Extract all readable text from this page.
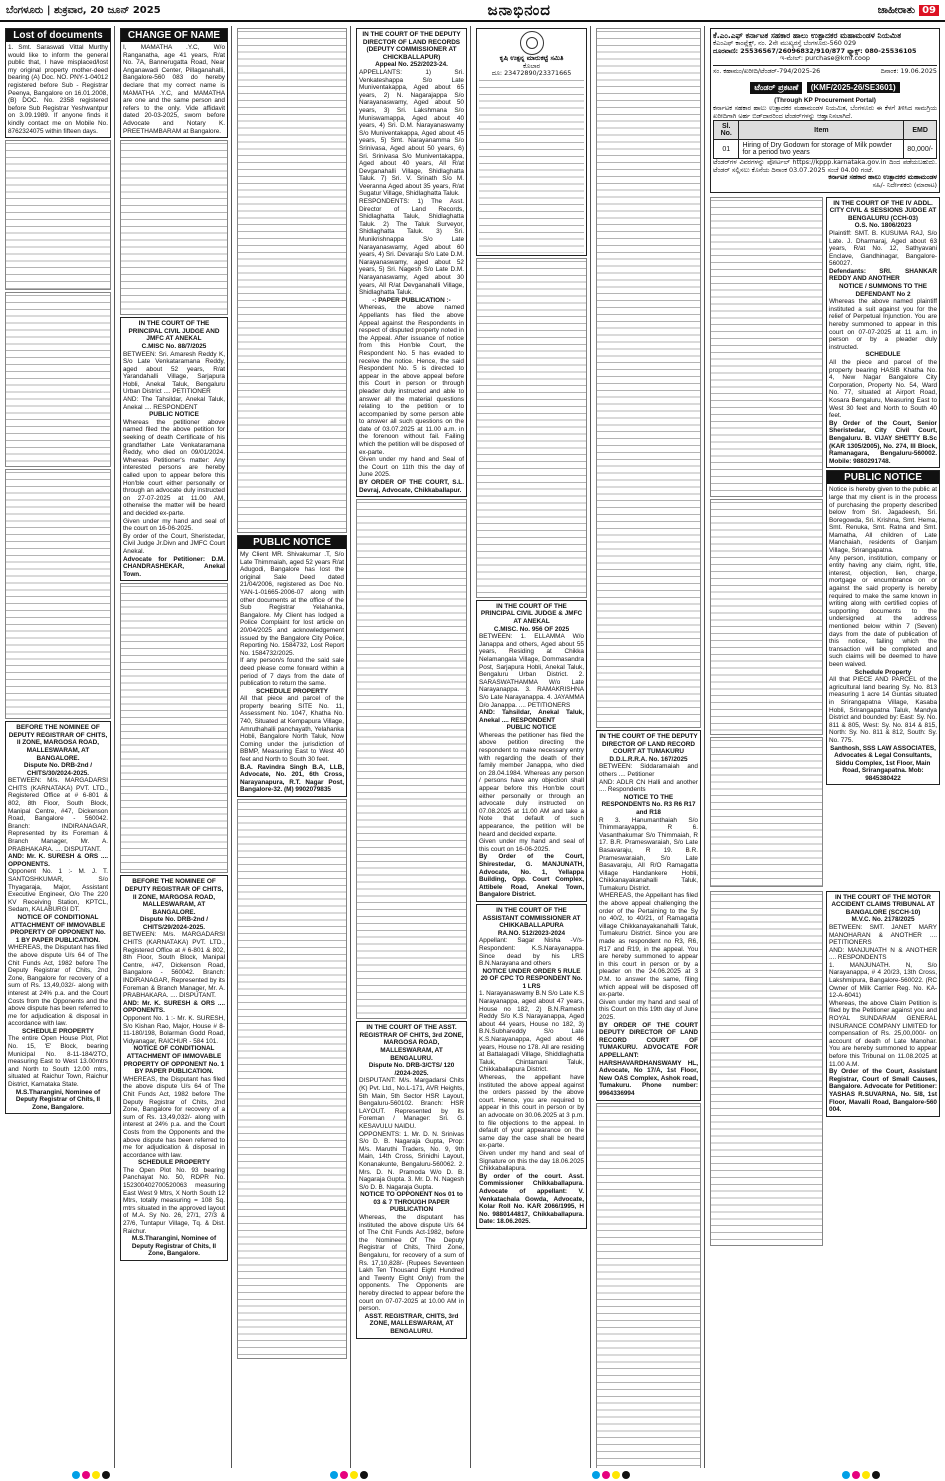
ಬೆಂಗಳೂರು | ಶುಕ್ರವಾರ, 20 ಜೂನ್ 2025	ಜನಾಭಿನಂದ	ಜಾಹೀರಾತು 09
Lost of documents
1. Smt. Saraswati Vittal Murthy would like to inform the general public that, I have misplaced/lost my original property mother-deed bearing (A) Doc. NO. PNY-1-04012 registered before Sub - Registrar Peenya, Bangalore on 16.01.2008, (B) DOC. No. 2358 registered before Sub Registrar Yeshwantpur on 3.09.1989. If anyone finds it kindly contact me on Mobile No. 8762324075 within fifteen days.
BEFORE THE NOMINEE OF DEPUTY REGISTRAR OF CHITS, II ZONE, MARGOSA ROAD, MALLESWARAM, AT BANGALORE.
Dispute No. DRB-2nd / CHITS/30/2024-2025.
BETWEEN: M/s. MARGADARSI CHITS (KARNATAKA) PVT. LTD., Registered Office at # 6-801 & 802, 8th Floor, South Block, Manipal Centre, #47, Dickenson Road, Bangalore - 560042. Branch: INDIRANAGAR, Represented by its Foreman & Branch Manager, Mr. A. PRABHAKARA. .... DISPUTANT.
AND: Mr. K. SURESH & ORS .... OPPONENTS.
Opponent No. 1 :- M. J. T. SANTOSHKUMAR, S/o Thyagaraja, Major, Assistant Executive Engineer, O/o The 220 KV Receiving Station, KPTCL, Sedam, KALABURGI DT.
NOTICE OF CONDITIONAL ATTACHMENT OF IMMOVABLE PROPERTY OF OPPONENT No. 1 BY PAPER PUBLICATION.
WHEREAS, the Disputant has filed the above dispute U/s 64 of The Chit Funds Act, 1982 before The Deputy Registrar of Chits, 2nd Zone, Bangalore for recovery of a sum of Rs. 13,49,032/- along with interest at 24% p.a. and the Court Costs from the Opponents and the above dispute has been referred to me for adjudication & disposal in accordance with law.
SCHEDULE PROPERTY
The entire Open House Plot, Plot No. 15, 'E' Block, bearing Municipal No. 8-11-184/2TO, measuring East to West 13.00mtrs and North to South 12.00 mtrs, situated at Raichur Town, Raichur District, Karnataka State.
M.S.Tharangini, Nominee of Deputy Registrar of Chits, II Zone, Bangalore.
CHANGE OF NAME
I, MAMATHA .Y.C, W/o Ranganatha, age 41 years, R/at No. 7A, Bannerugatta Road, Near Anganawadi Center, Pillaganahalli, Bangalore-560 083 do hereby declare that my correct name is MAMATHA .Y.C, and MAMATHA are one and the same person and refers to the only. Vide affidavit dated 20-03-2025, sworn before Advocate and Notary K. PREETHAMBARAM at Bangalore.
IN THE COURT OF THE PRINCIPAL CIVIL JUDGE AND JMFC AT ANEKAL
C.MISC No. 88/7/2025
BETWEEN: Sri. Amaresh Reddy K, S/o Late Venkataramana Reddy, aged about 52 years, R/at Yarandahalli Village, Sarjapura Hobli, Anekal Taluk, Bengaluru Urban District .... PETITIONER
AND: The Tahsildar, Anekal Taluk, Anekal .... RESPONDENT
PUBLIC NOTICE
Whereas the petitioner above named filed the above petition for seeking of death Certificate of his grandfather Late Venkataramana Reddy, who died on 09/01/2024. Whereas Petitioner's matter: Any interested persons are hereby called upon to appear before this Hon'ble court either personally or through an advocate duly instructed on 27-07-2025 at 11.00 AM, otherwise the matter will be heard and decided ex-parte.
Given under my hand and seal of the court on 16-06-2025.
By order of the Court, Sheristedar, Civil Judge Jr.Divn and JMFC Court Anekal.
Advocate for Petitioner: D.M. CHANDRASHEKAR, Anekal Town.
BEFORE THE NOMINEE OF DEPUTY REGISTRAR OF CHITS, II ZONE, MARGOSA ROAD, MALLESWARAM, AT BANGALORE.
Dispute No. DRB-2nd / CHITS/29/2024-2025.
BETWEEN: M/s. MARGADARSI CHITS (KARNATAKA) PVT. LTD., Registered Office at # 6-801 & 802, 8th Floor, South Block, Manipal Centre, #47, Dickenson Road, Bangalore - 560042. Branch: INDIRANAGAR, Represented by its Foreman & Branch Manager, Mr. A. PRABHAKARA. .... DISPUTANT.
AND: Mr. K. SURESH & ORS .... OPPONENTS.
Opponent No. 1 :- Mr. K. SURESH, S/o Kishan Rao, Major, House # 8-11-180/198, Bolarman Godd Road, Vidyanagar, RAICHUR - 584 101.
NOTICE OF CONDITIONAL ATTACHMENT OF IMMOVABLE PROPERTY OF OPPONENT No. 1 BY PAPER PUBLICATION.
WHEREAS, the Disputant has filed the above dispute U/s 64 of The Chit Funds Act, 1982 before The Deputy Registrar of Chits, 2nd Zone, Bangalore for recovery of a sum of Rs. 13,49,032/- along with interest at 24% p.a. and the Court Costs from the Opponents and the above dispute has been referred to me for adjudication & disposal in accordance with law.
SCHEDULE PROPERTY
The Open Plot No. 93 bearing Panchayat No. 50, RDPR No. 152300402700520063 measuring East West 9 Mtrs, X North South 12 Mtrs, totally measuring = 108 Sq. mtrs situated in the approved layout of M.A. Sy No. 26, 27/1, 27/3 & 27/6, Tuntapur Village, Tq. & Dist. Raichur.
M.S.Tharangini, Nominee of Deputy Registrar of Chits, II Zone, Bangalore.
PUBLIC NOTICE
My Client MR. Shivakumar .T, S/o Late Thimmaiah, aged 52 years R/at Adugodi, Bangalore has lost the original Sale Deed dated 21/04/2006, registered as Doc No. YAN-1-01665-2006-07 along with other documents at the office of the Sub Registrar Yelahanka, Bangalore. My Client has lodged a Police Complaint for lost article on 20/04/2025 and acknowledgement issued by the Bangalore City Police, Reporting No. 1584732, Lost Report No. 1584732/2025.
If any person/s found the said sale deed please come forward within a period of 7 days from the date of publication to return the same.
SCHEDULE PROPERTY
All that piece and parcel of the property bearing SITE No. 11, Assessment No. 1047, Khatha No. 740, Situated at Kempapura Village, Amruthahalli panchayath, Yelahanka Hobli, Bangalore North Taluk, Now Coming under the jurisdiction of BBMP, Measuring East to West 40 feet and North to South 30 feet.
B.A. Ravindra Singh B.A, LLB, Advocate, No. 201, 6th Cross, Narayanapura, R.T. Nagar Post, Bangalore-32. (M) 9902079835
IN THE COURT OF THE DEPUTY DIRECTOR OF LAND RECORDS (DEPUTY COMMISSIONER AT CHICKBALLAPUR)
Appeal No. 252/2023-24.
APPELLANTS: 1) Sri. Venkateshappa S/o Late Muniventakappa, Aged about 65 years, 2) N. Nagarajappa S/o Narayanaswamy, Aged about 50 years, 3) Sri. Lakshmana S/o Muniswamappa, Aged about 40 years, 4) Sri. D.M. Narayanaswamy S/o Muniventakappa, Aged about 45 years, 5) Smt. Narayanamma S/o Srinivasa, Aged about 50 years, 6) Sri. Srinivasa S/o Muniventakappa, Aged about 40 years, All R/at Devganahalli Village, Shidlaghatta Taluk. 7) Sri. V. Srinath S/o M. Veeranna Aged about 35 years, R/at Sugatur Village, Shidlaghatta Taluk.
RESPONDENTS: 1) The Asst. Director of Land Records, Shidlaghatta Taluk, Shidlaghatta Taluk. 2) The Taluk Surveyor, Shidlaghatta Taluk. 3) Sri. Munikrishnappa S/o Late Narayanaswamy, Aged about 60 years, 4) Sri. Devaraju S/o Late D.M. Narayanaswamy, aged about 52 years, 5) Sri. Nagesh S/o Late D.M. Narayanaswamy, Aged about 30 years, All R/at Devganahalli Village, Shidlaghatta Taluk.
-: PAPER PUBLICATION :-
Whereas, the above named Appellants has filed the above Appeal against the Respondents in respect of disputed property noted in the Appeal. After issuance of notice from this Hon'ble Court, the Respondent No. 5 has evaded to receive the notice. Hence, the said Respondent No. 5 is directed to appear in the above appeal before this Court in person or through pleader duly instructed and able to answer all the material questions relating to the petition or to accompanied by some person able to answer all such questions on the date of 03.07.2025 at 11.00 a.m. in the forenoon without fail. Failing which the petition will be disposed of ex-parte.
Given under my hand and Seal of the Court on 11th this the day of June 2025.
BY ORDER OF THE COURT, S.L. Devraj, Advocate, Chikkaballapur.
IN THE COURT OF THE ASST. REGISTRAR OF CHITS, 3rd ZONE, MARGOSA ROAD, MALLESWARAM, AT BENGALURU.
Dispute No. DRB-3/CTS/ 120 /2024-2025.
DISPUTANT: M/s. Margadarsi Chits (K) Pvt. Ltd., No.L-171, AVR Heights, 5th Main, 5th Sector HSR Layout, Bengaluru-560102. Branch: HSR LAYOUT. Represented by its Foreman / Manager: Sri. G. KESAVULU NAIDU.
OPPONENTS: 1. Mr. D. N. Srinivas S/o D. B. Nagaraja Gupta, Prop: M/s. Maruthi Traders, No. 9, 9th Main, 14th Cross, Srinidhi Layout, Konanakunte, Bengaluru-560062. 2. Mrs. D. N. Pramoda W/o D. B. Nagaraja Gupta. 3. Mr. D. N. Nagesh S/o D. B. Nagaraja Gupta.
NOTICE TO OPPONENT Nos 01 to 03 & 7 THROUGH PAPER PUBLICATION
Whereas, the disputant has instituted the above dispute U/s 64 of The Chit Funds Act-1982, before the Nominee Of The Deputy Registrar of Chits, Third Zone, Bengaluru, for recovery of a sum of Rs. 17,10,828/- (Rupees Seventeen Lakh Ten Thousand Eight Hundred and Twenty Eight Only) from the opponents. The Opponents are hereby directed to appear before the court on 07-07-2025 at 10.00 AM in person.
ASST. REGISTRAR, CHITS, 3rd ZONE, MALLESWARAM, AT BENGALURU.
ಕೃಷಿ ಉತ್ಪನ್ನ ಮಾರುಕಟ್ಟೆ ಸಮಿತಿ
ಕೊಲಾರ
ದೂ: 23472890/23371665
IN THE COURT OF THE PRINCIPAL CIVIL JUDGE & JMFC AT ANEKAL
C.MISC. No. 956 OF 2025
BETWEEN: 1. ELLAMMA W/o Janappa and others, Aged about 55 years, Residing at Chikka Nelamangala Village, Dommasandra Post, Sarjapura Hobli, Anekal Taluk, Bengaluru Urban District. 2. SARASWATHAMMA W/o Late Narayanappa. 3. RAMAKRISHNA S/o Late Narayanappa. 4. JAYAMMA D/o Janappa. .... PETITIONERS
AND: Tahsildar, Anekal Taluk, Anekal .... RESPONDENT
PUBLIC NOTICE
Whereas the petitioner has filed the above petition directing the respondent to make necessary entry with regarding the death of their family member Janappa, who died on 28.04.1984. Whereas any person / persons have any objection shall appear before this Hon'ble court either personally or through an advocate duly instructed on 07.08.2025 at 11.00 AM and take a Note that default of such appearance, the petition will be heard and decided exparte.
Given under my hand and seal of this court on 16-06-2025.
By Order of the Court, Shirestedar, G. MANJUNATH, Advocate, No. 1, Yellappa Building, Opp. Court Complex, Attibele Road, Anekal Town, Bangalore District.
IN THE COURT OF THE ASSISTANT COMMISSIONER AT CHIKKABALLAPURA
RA.NO. 512/2023-2024
Appellant: Sagar Nisha -V/s- Respondent: K.S.Narayanappa. Since dead by his LRS B.N.Narayana and others
NOTICE UNDER ORDER 5 RULE 20 OF CPC TO RESPONDENT No. 1 LRS
1. Narayanaswamy B.N S/o Late K.S Narayanappa, aged about 47 years, House no 182, 2) B.N.Ramesh Reddy S/o K.S Narayanappa, Aged about 44 years, House no 182, 3) B.N.Subhareddy S/o Late K.S.Narayanappa, Aged about 46 years, House no 178. All are residing at Battalagadi Village, Shiddlaghatta Taluk, Chintamani Taluk, Chikkaballapura District.
Whereas, the appellant have instituted the above appeal against the orders passed by the above court. Hence, you are required to appear in this court in person or by an advocate on 30.06.2025 at 3 p.m. to file objections to the appeal. In default of your appearance on the same day the case shall be heard ex-parte.
Given under my hand and seal of Signature on this the day 18.06.2025 Chikkaballapura.
By order of the court. Asst. Commissioner Chikkaballapura. Advocate of appellant: V. Venkatachala Gowda, Advocate, Kolar Roll No. KAR 2066/1995, H No. 9880144817, Chikkaballapura. Date: 18.06.2025.
IN THE COURT OF THE DEPUTY DIRECTOR OF LAND RECORD COURT AT TUMAKURU
D.D.L.R.R.A. No. 167/2025
BETWEEN: Siddaramaiah and others .... Petitioner
AND: ADLR CN Halli and another .... Respondents
NOTICE TO THE RESPONDENTS No. R3 R6 R17 and R18
R 3. Hanumanthaiah S/o Thimmarayappa, R 6. Vasanthakumar S/o Thimmaiah, R 17. B.R. Prameswaraiah, S/o Late Basavaraju, R 19. B.R. Prameswaraiah, S/o Late Basavaraju, All R/O Ramagatta Village Handankere Hobli, Chikkanayakanahalli Taluk, Tumakuru District.
WHEREAS, the Appellant has filed the above appeal challenging the order of the Pertaining to the Sy no 40/2, to 40/21, of Ramagatta village Chikkanayakanahalli Taluk, Tumakuru District. Since you are made as respondent no R3, R6, R17 and R19, in the appeal. You are hereby summoned to appear in this court in person or by a pleader on the 24.06.2025 at 3 P.M. to answer the same, filing which appeal will be disposed off ex-parte.
Given under my hand and seal of this Court on this 19th day of June 2025.
BY ORDER OF THE COURT DEPUTY DIRECTOR OF LAND RECORD COURT OF TUMAKURU. ADVOCATE FOR APPELLANT: HARSHAVARDHANSWAMY HL, Advocate, No 17/A, 1st Floor, New OAS Complex, Ashok road, Tumakuru. Phone number: 9964336994
ಕೆ.ಎಂ.ಎಫ್ ಕರ್ನಾಟಕ ಸಹಕಾರ ಹಾಲು ಉತ್ಪಾದಕರ ಮಹಾಮಂಡಳ ನಿಯಮಿತ
ಕೆಎಂಎಫ್ ಕಾಂಪ್ಲೆಕ್ಸ್, ನಂ. 2ನೇ ಮುಖ್ಯರಸ್ತೆ ಬೆಂಗಳೂರು-560 029
ದೂರವಾಣಿ: 25536567/26096832/910/877 ಫ್ಯಾಕ್ಸ್: 080-25536105
ಇ-ಮೇಲ್: purchase@kmf.coop
ಸಂ. ಕಹಾಮಂ/ಖರೀದಿ/ಟೆಂಡರ್-794/2025-26	ದಿನಾಂಕ: 19.06.2025
ಟೆಂಡರ್ ಪ್ರಕಟಣೆ (KMF/2025-26/SE3601)
(Through KP Procurement Portal)
ಕರ್ನಾಟಕ ಸಹಕಾರ ಹಾಲು ಉತ್ಪಾದಕರ ಮಹಾಮಂಡಳ ನಿಯಮಿತ, ಬೆಂಗಳೂರು ಈ ಕೆಳಗೆ ತಿಳಿಸಿದ ಸಾಮಗ್ರಿಯ ಖರೀದಿಗಾಗಿ ಅರ್ಹ ಬಿಡ್‌ದಾರರಿಂದ ಟೆಂಡರ್‌ಗಳನ್ನು ಆಹ್ವಾನಿಸಲಾಗಿದೆ.
Sl. No.	Item	EMD
01	Hiring of Dry Godown for storage of Milk powder for a period two years	80,000/-
ಟೆಂಡರ್‌ಗಳ ವಿವರಗಳನ್ನು ಪೋರ್ಟಲ್ https://kppp.karnataka.gov.in ದಿಂದ ಪಡೆಯಬಹುದು. ಟೆಂಡರ್ ಸಲ್ಲಿಸಲು ಕೊನೆಯ ದಿನಾಂಕ 03.07.2025 ಸಂಜೆ 04.00 ಗಂಟೆ.
ಕರ್ನಾಟಕ ಸಹಕಾರ ಹಾಲು ಉತ್ಪಾದಕರ ಮಹಾಮಂಡಳ
ಸಹಿ/- ನಿರ್ದೇಶಕರು (ಮಾರಾಟ)
IN THE COURT OF THE IV ADDL. CITY CIVIL & SESSIONS JUDGE AT BENGALURU (CCH-03)
O.S. No. 1806/2023
Plaintiff: SMT. B. KUSUMA RAJ, S/o Late. J. Dharmaraj, Aged about 63 years, R/at No. 12, Sathyavani Enclave, Gandhinagar, Bangalore-560027.
Defendants: SRI. SHANKAR REDDY AND ANOTHER
NOTICE / SUMMONS TO THE DEFENDANT No 2
Whereas the above named plaintiff instituted a suit against you for the relief of Perpetual Injunction. You are hereby summoned to appear in this court on 07-07-2025 at 11 a.m. in person or by a pleader duly instructed.
SCHEDULE
All the piece and parcel of the property bearing HASIB Khatha No. 4, New Nagar Bangalore City Corporation, Property No. 54, Ward No. 77, situated at Airport Road, Kosara Bengaluru, Measuring East to West 30 feet and North to South 40 feet.
By Order of the Court, Senior Sheristedar, City Civil Court, Bengaluru. B. VIJAY SHETTY B.Sc (KAR 1305/2005), No. 274, III Block, Ramanagara, Bengaluru-560002. Mobile: 9880291748.
PUBLIC NOTICE
Notice is hereby given to the public at large that my client is in the process of purchasing the property described below from Sri. Jagadeesh, Sri. Boregowda, Sri. Krishna, Smt. Hema, Smt. Renuka, Smt. Ratna and Smt. Mamatha, All children of Late Manchaiah, residents of Ganjam Village, Srirangapatna.
Any person, institution, company or entity having any claim, right, title, interest, objection, lien, charge, mortgage or encumbrance on or against the said property is hereby required to make the same known in writing along with certified copies of supporting documents to the undersigned at the address mentioned below within 7 (Seven) days from the date of publication of this notice, failing which the transaction will be completed and such claims will be deemed to have been waived.
Schedule Property
All that PIECE AND PARCEL of the agricultural land bearing Sy. No. 813 measuring 1 acre 14 Guntas situated in Srirangapatna Village, Kasaba Hobli, Srirangapatna Taluk, Mandya District and bounded by: East: Sy. No. 811 & 805, West: Sy. No. 814 & 815, North: Sy. No. 811 & 812, South: Sy. No. 775.
Santhosh, SSS LAW ASSOCIATES, Advocates & Legal Consultants, Siddu Complex, 1st Floor, Main Road, Srirangapatna. Mob: 9845380422
IN THE COURT OF THE MOTOR ACCIDENT CLAIMS TRIBUNAL AT BANGALORE (SCCH-10)
M.V.C. No. 2178/2025
BETWEEN: SMT. JANET MARY MANOHARAN & ANOTHER .... PETITIONERS
AND: MANJUNATH N & ANOTHER .... RESPONDENTS
1. MANJUNATH. N, S/o Narayanappa, # 4 20/23, 13th Cross, Lakshmipura, Bangalore-560022. (RC Owner of Milk Carrier Reg. No. KA-12-A-6041)
Whereas, the above Claim Petition is filed by the Petitioner against you and ROYAL SUNDARAM GENERAL INSURANCE COMPANY LIMITED for compensation of Rs. 25,00,000/- on account of death of Late Manohar. You are hereby summoned to appear before this Tribunal on 11.08.2025 at 11.00 A.M.
By Order of the Court, Assistant Registrar, Court of Small Causes, Bangalore. Advocate for Petitioner: YASHAS R.SUVARNA, No. 5/8, 1st Floor, Mavalli Road, Bangalore-560 004.
